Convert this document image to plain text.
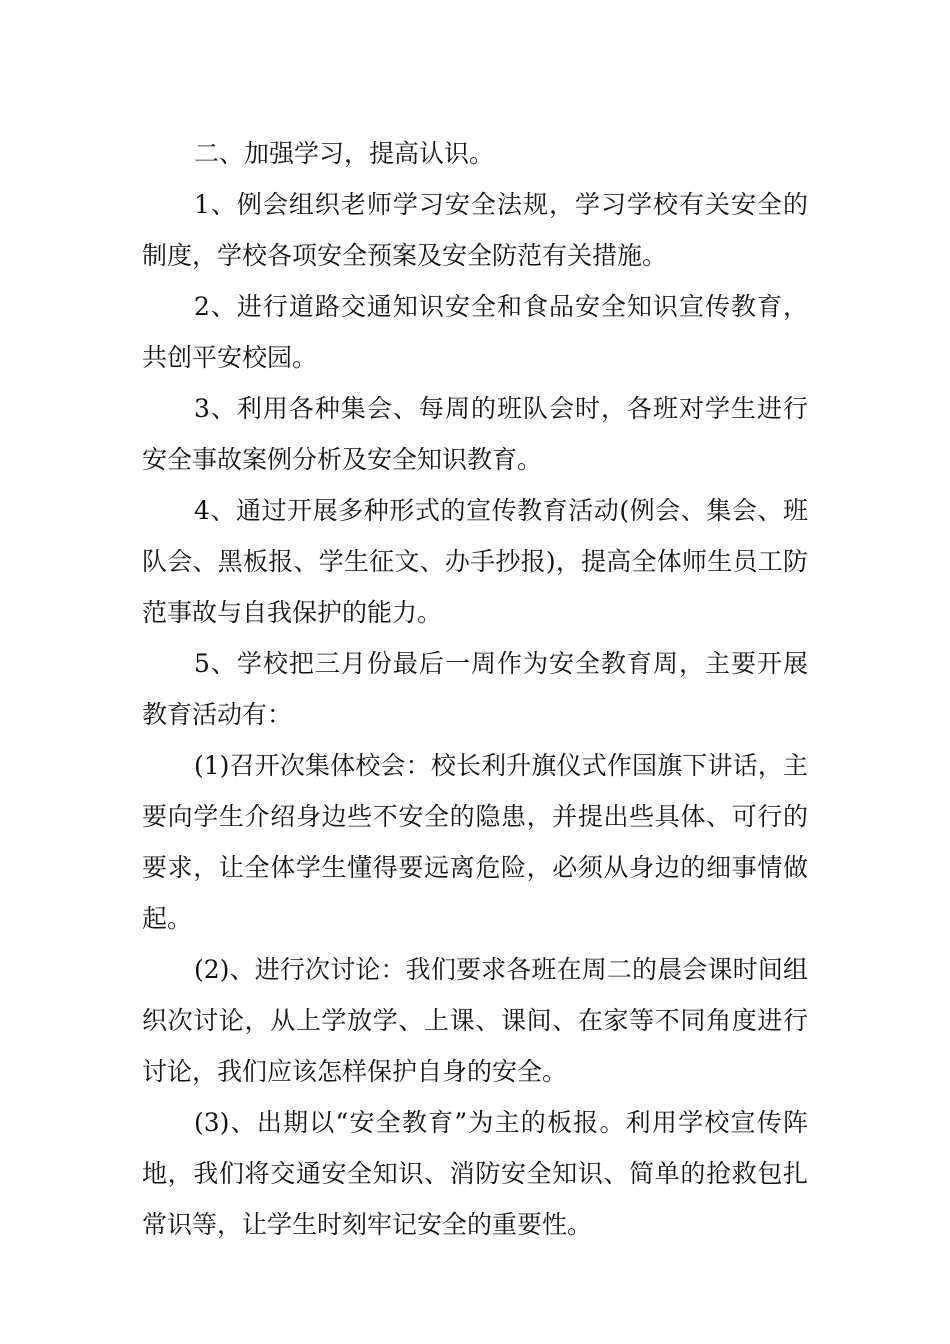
二、加强学习，提高认识。

1、例会组织老师学习安全法规，学习学校有关安全的制度，学校各项安全预案及安全防范有关措施。

2、进行道路交通知识安全和食品安全知识宣传教育，共创平安校园。

3、利用各种集会、每周的班队会时，各班对学生进行安全事故案例分析及安全知识教育。

4、通过开展多种形式的宣传教育活动(例会、集会、班队会、黑板报、学生征文、办手抄报)，提高全体师生员工防范事故与自我保护的能力。

5、学校把三月份最后一周作为安全教育周，主要开展教育活动有：

(1)召开次集体校会：校长利升旗仪式作国旗下讲话，主要向学生介绍身边些不安全的隐患，并提出些具体、可行的要求，让全体学生懂得要远离危险，必须从身边的细事情做起。

(2)、进行次讨论：我们要求各班在周二的晨会课时间组织次讨论，从上学放学、上课、课间、在家等不同角度进行讨论，我们应该怎样保护自身的安全。

(3)、出期以“安全教育”为主的板报。利用学校宣传阵地，我们将交通安全知识、消防安全知识、简单的抢救包扎常识等，让学生时刻牢记安全的重要性。
